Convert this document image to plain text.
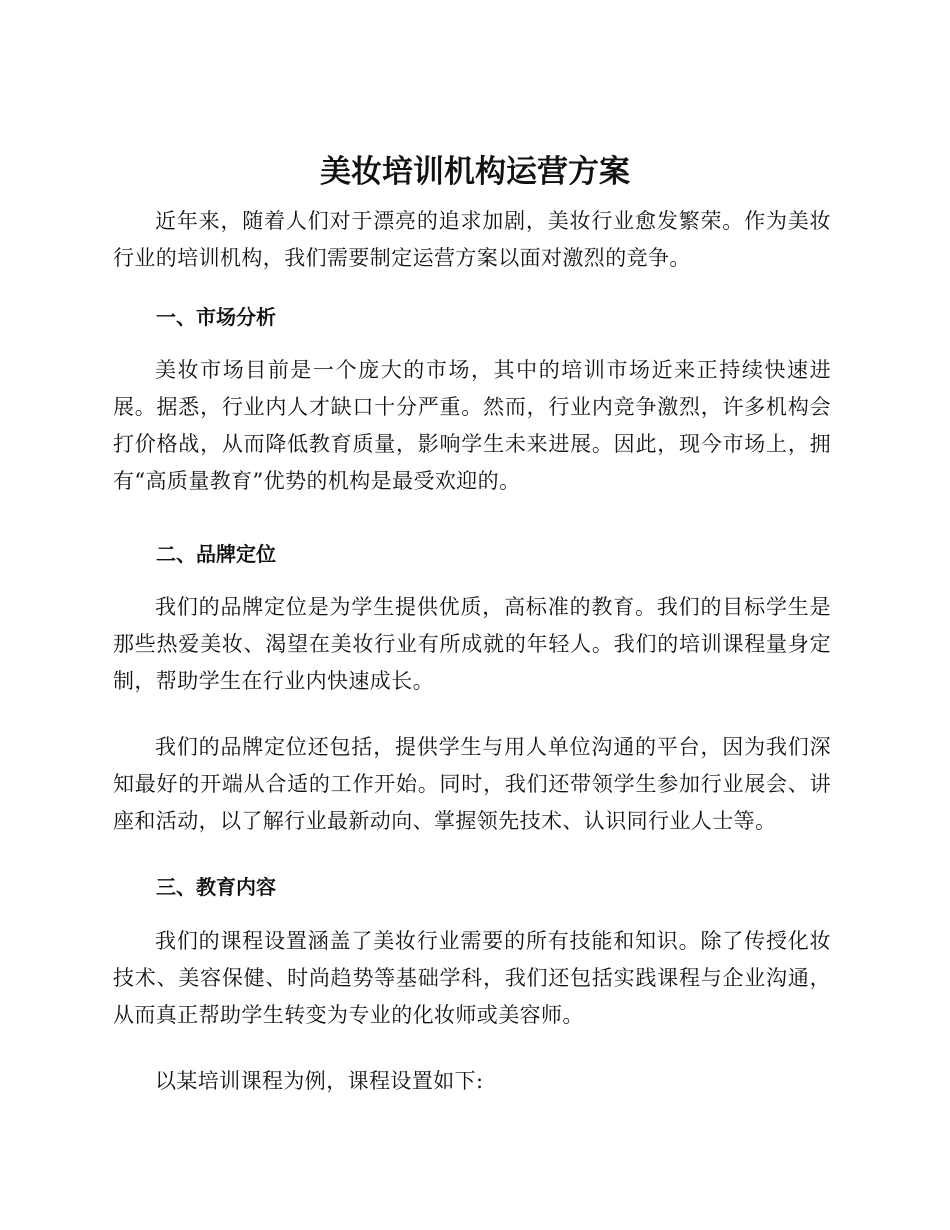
美妆培训机构运营方案

近年来，随着人们对于漂亮的追求加剧，美妆行业愈发繁荣。作为美妆行业的培训机构，我们需要制定运营方案以面对激烈的竞争。

一、市场分析

美妆市场目前是一个庞大的市场，其中的培训市场近来正持续快速进展。据悉，行业内人才缺口十分严重。然而，行业内竞争激烈，许多机构会打价格战，从而降低教育质量，影响学生未来进展。因此，现今市场上，拥有“高质量教育”优势的机构是最受欢迎的。

二、品牌定位

我们的品牌定位是为学生提供优质，高标准的教育。我们的目标学生是那些热爱美妆、渴望在美妆行业有所成就的年轻人。我们的培训课程量身定制，帮助学生在行业内快速成长。

我们的品牌定位还包括，提供学生与用人单位沟通的平台，因为我们深知最好的开端从合适的工作开始。同时，我们还带领学生参加行业展会、讲座和活动，以了解行业最新动向、掌握领先技术、认识同行业人士等。

三、教育内容

我们的课程设置涵盖了美妆行业需要的所有技能和知识。除了传授化妆技术、美容保健、时尚趋势等基础学科，我们还包括实践课程与企业沟通，从而真正帮助学生转变为专业的化妆师或美容师。

以某培训课程为例，课程设置如下:
